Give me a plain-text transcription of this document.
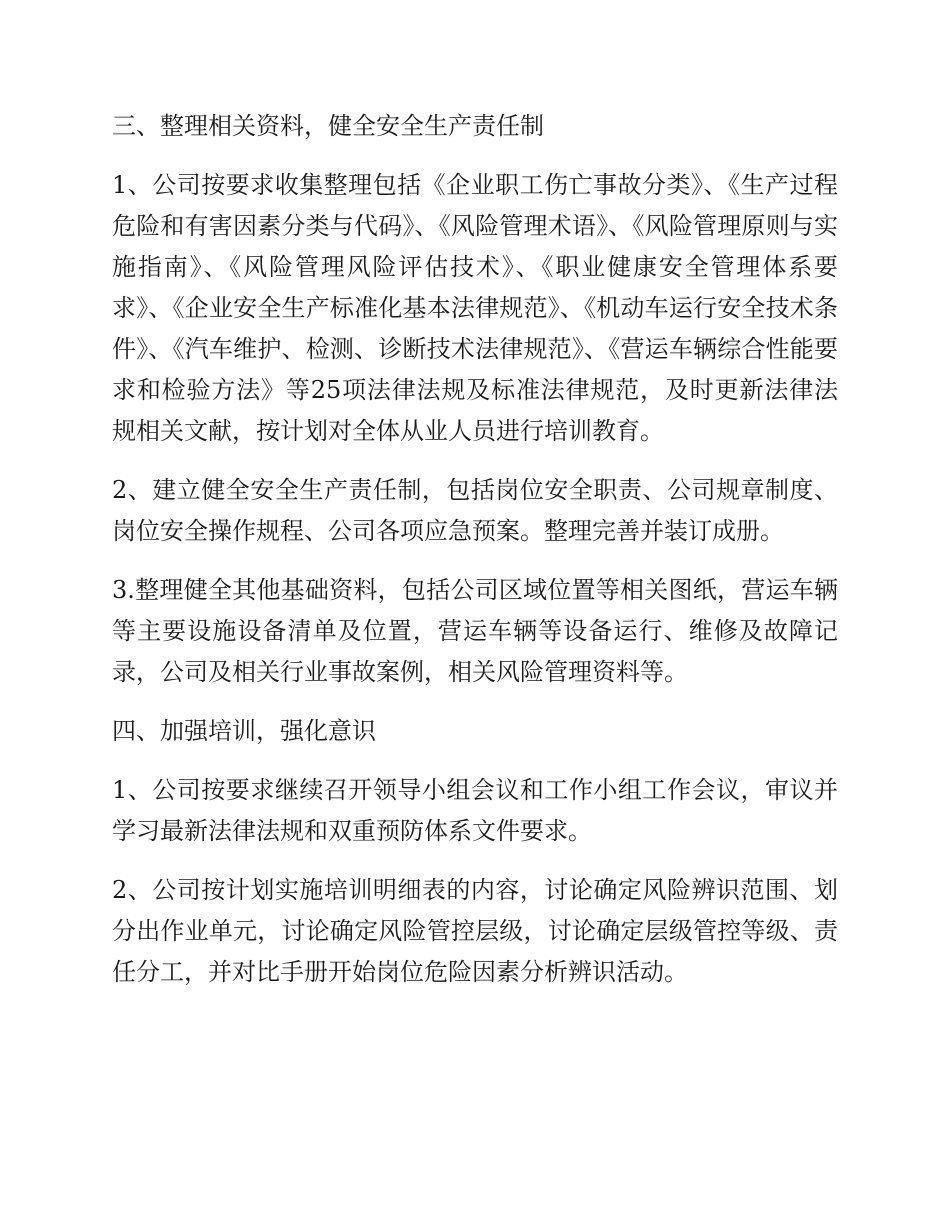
三、整理相关资料，健全安全生产责任制

1、公司按要求收集整理包括《企业职工伤亡事故分类》、《生产过程危险和有害因素分类与代码》、《风险管理术语》、《风险管理原则与实施指南》、《风险管理风险评估技术》、《职业健康安全管理体系要求》、《企业安全生产标准化基本法律规范》、《机动车运行安全技术条件》、《汽车维护、检测、诊断技术法律规范》、《营运车辆综合性能要求和检验方法》等25项法律法规及标准法律规范，及时更新法律法规相关文献，按计划对全体从业人员进行培训教育。

2、建立健全安全生产责任制，包括岗位安全职责、公司规章制度、岗位安全操作规程、公司各项应急预案。整理完善并装订成册。

3.整理健全其他基础资料，包括公司区域位置等相关图纸，营运车辆等主要设施设备清单及位置，营运车辆等设备运行、维修及故障记录，公司及相关行业事故案例，相关风险管理资料等。

四、加强培训，强化意识

1、公司按要求继续召开领导小组会议和工作小组工作会议，审议并学习最新法律法规和双重预防体系文件要求。

2、公司按计划实施培训明细表的内容，讨论确定风险辨识范围、划分出作业单元，讨论确定风险管控层级，讨论确定层级管控等级、责任分工，并对比手册开始岗位危险因素分析辨识活动。
